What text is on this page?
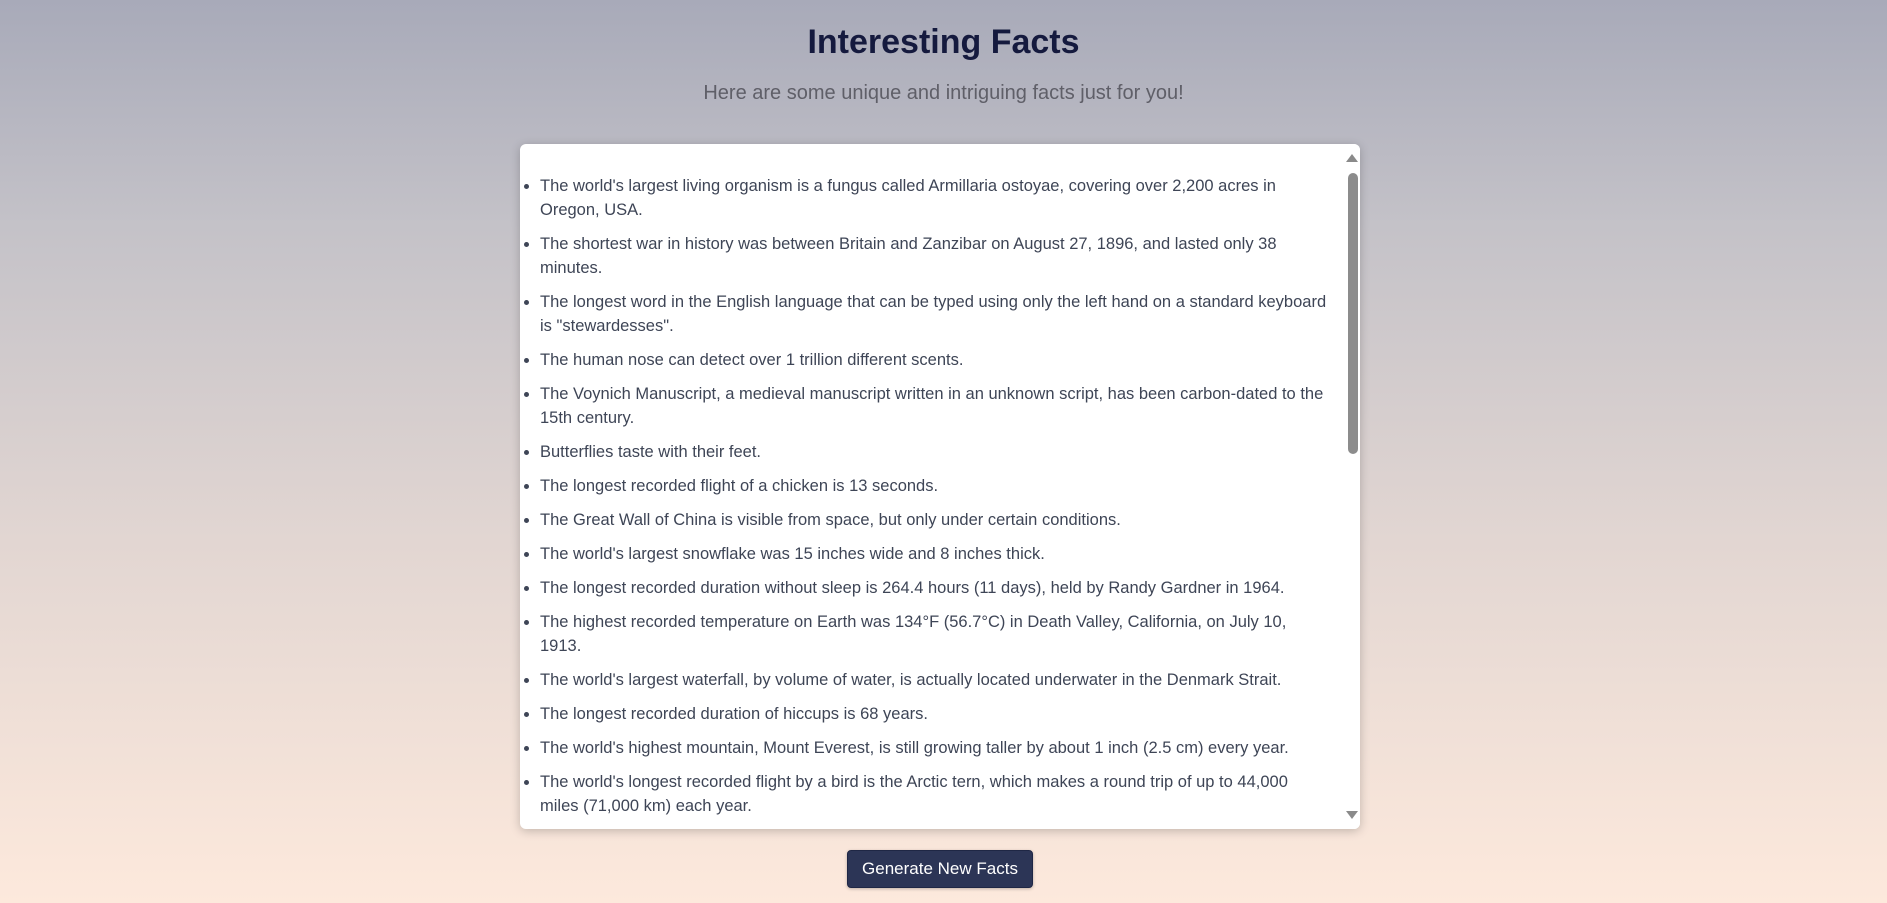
Interesting Facts

Here are some unique and intriguing facts just for you!

• The world's largest living organism is a fungus called Armillaria ostoyae, covering over 2,200 acres in Oregon, USA.
• The shortest war in history was between Britain and Zanzibar on August 27, 1896, and lasted only 38 minutes.
• The longest word in the English language that can be typed using only the left hand on a standard keyboard is "stewardesses".
• The human nose can detect over 1 trillion different scents.
• The Voynich Manuscript, a medieval manuscript written in an unknown script, has been carbon-dated to the 15th century.
• Butterflies taste with their feet.
• The longest recorded flight of a chicken is 13 seconds.
• The Great Wall of China is visible from space, but only under certain conditions.
• The world's largest snowflake was 15 inches wide and 8 inches thick.
• The longest recorded duration without sleep is 264.4 hours (11 days), held by Randy Gardner in 1964.
• The highest recorded temperature on Earth was 134°F (56.7°C) in Death Valley, California, on July 10, 1913.
• The world's largest waterfall, by volume of water, is actually located underwater in the Denmark Strait.
• The longest recorded duration of hiccups is 68 years.
• The world's highest mountain, Mount Everest, is still growing taller by about 1 inch (2.5 cm) every year.
• The world's longest recorded flight by a bird is the Arctic tern, which makes a round trip of up to 44,000 miles (71,000 km) each year.
•
Generate New Facts
